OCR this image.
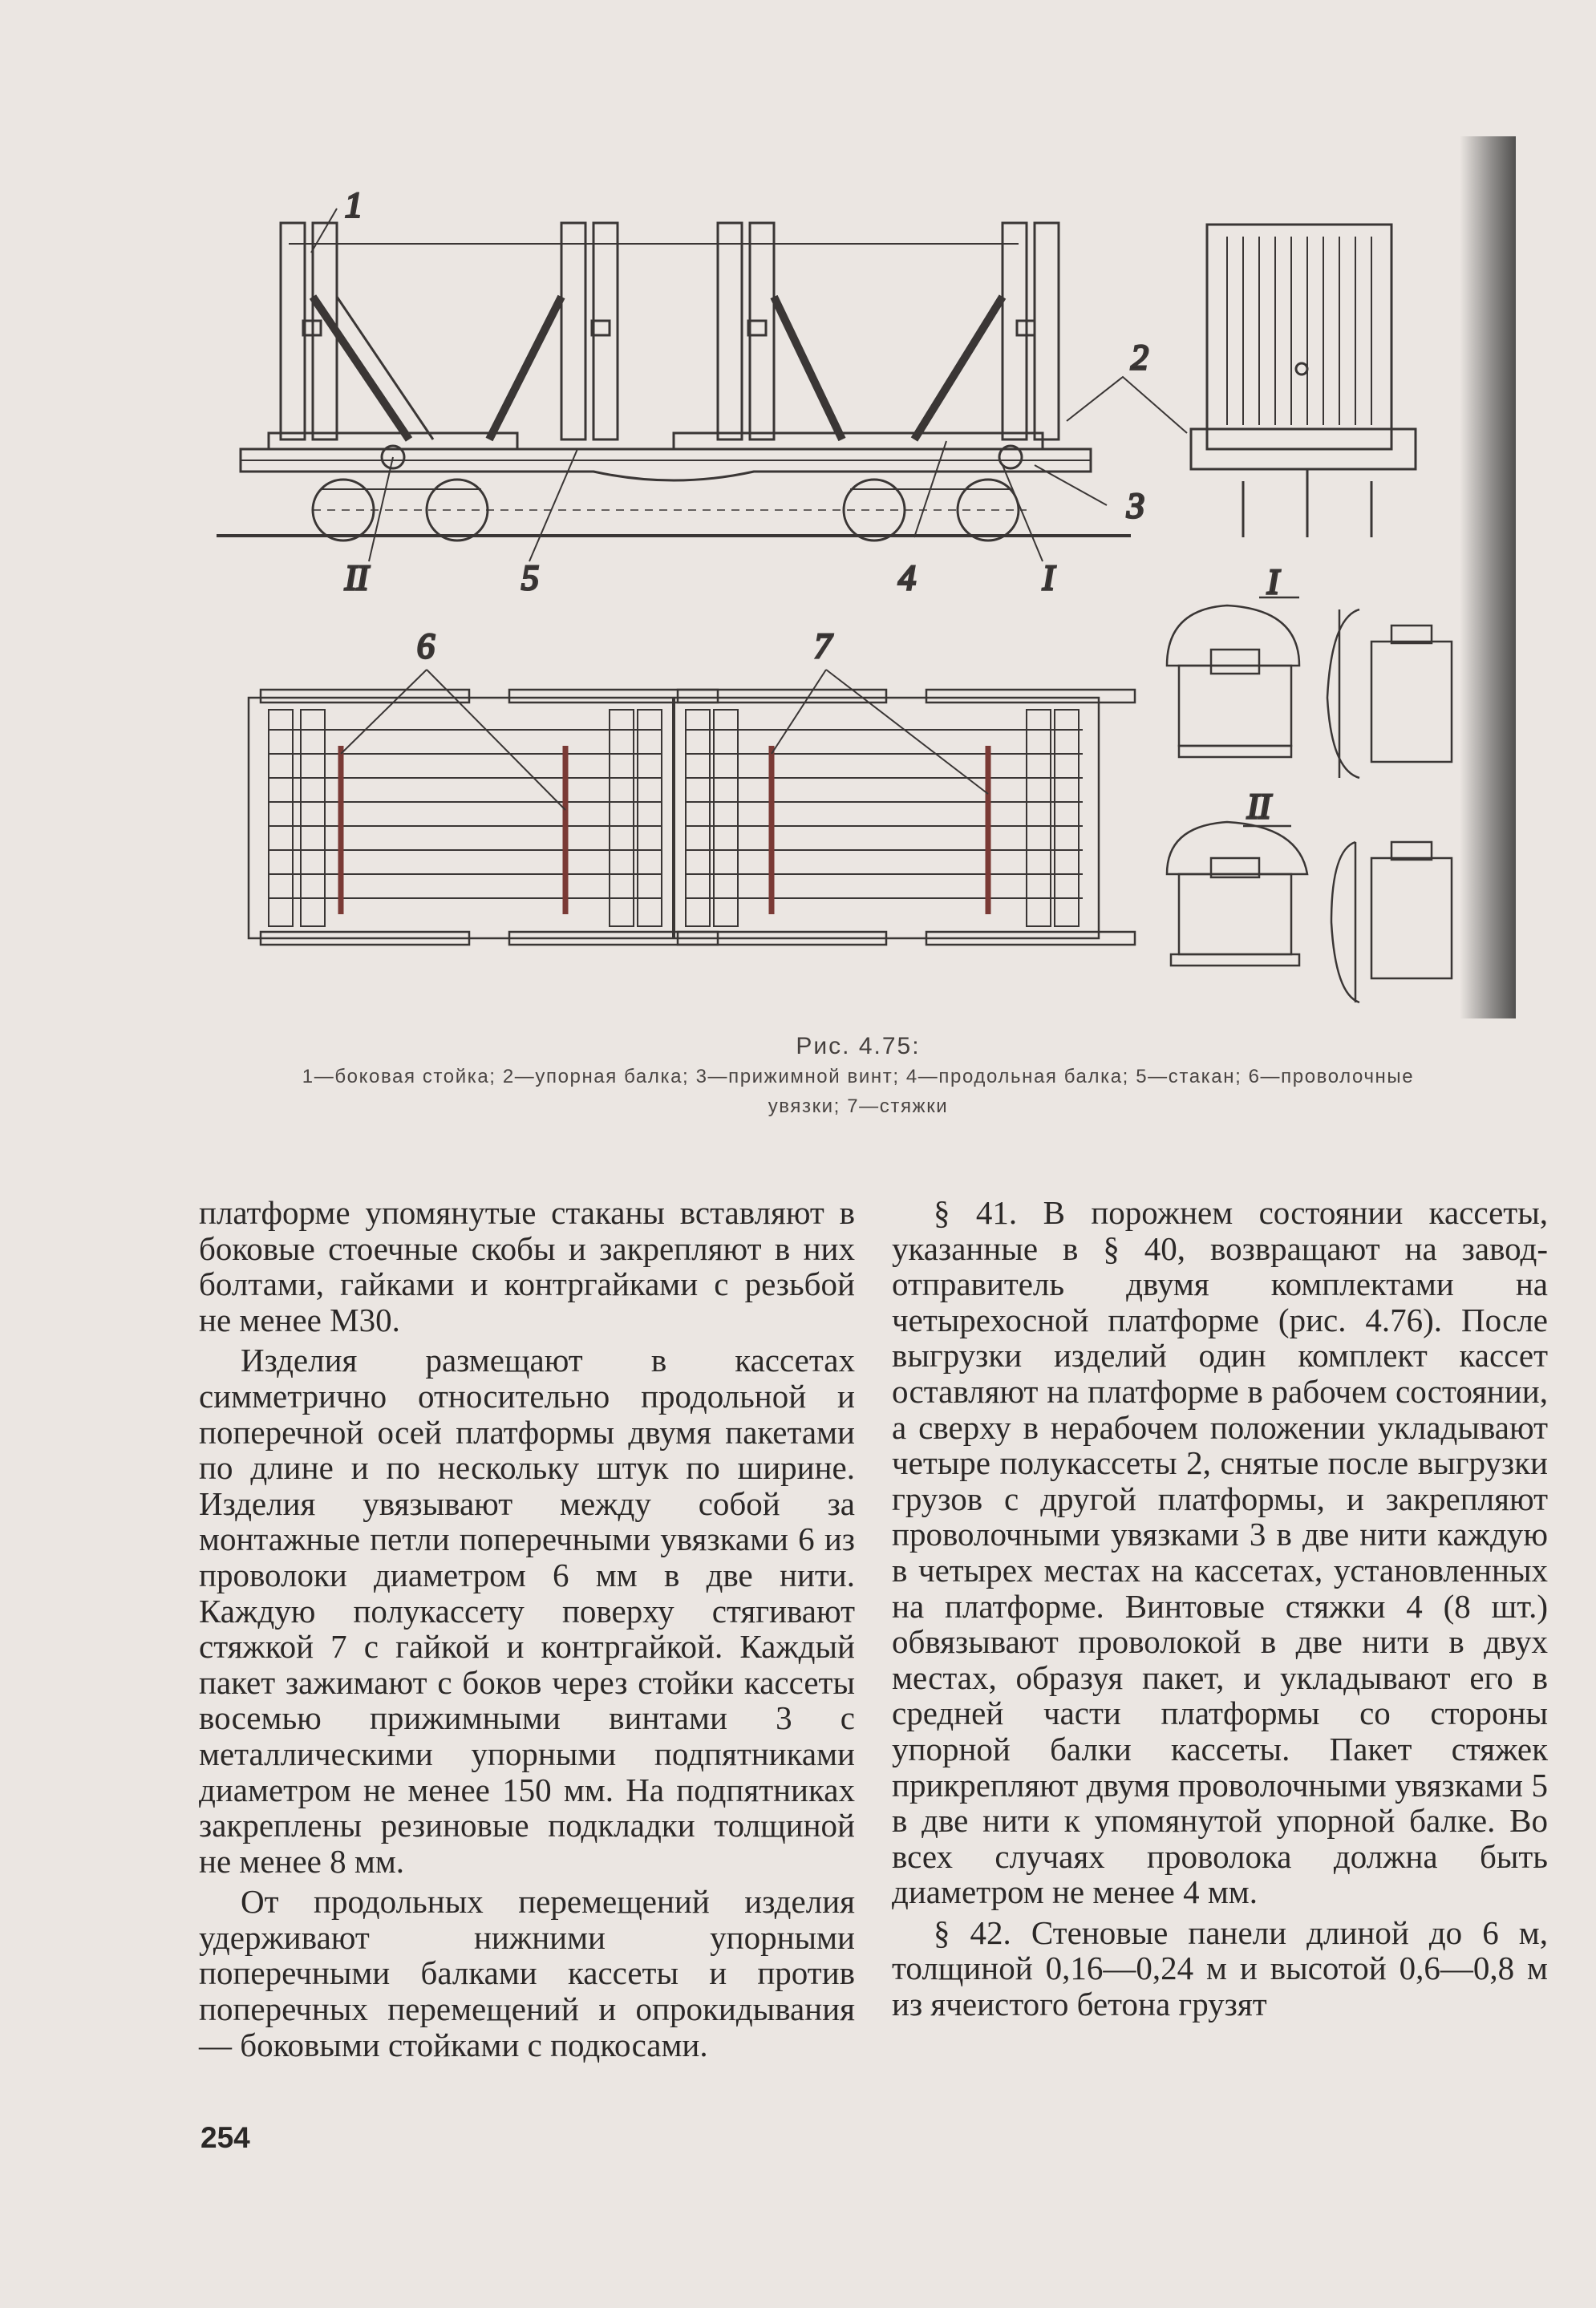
1
2
3
4
5
6	7
I
II	I
II
Рис. 4.75:
1—боковая стойка; 2—упорная балка; 3—прижимной винт; 4—продольная балка; 5—стакан; 6—проволочные
увязки; 7—стяжки

платформе упомянутые стаканы вставляют в боковые стоечные скобы и закрепляют в них болтами, гайками и контргайками с резьбой не менее М30.

Изделия размещают в кассетах симметрично относительно продольной и поперечной осей платформы двумя пакетами по длине и по нескольку штук по ширине. Изделия увязывают между собой за монтажные петли поперечными увязками 6 из проволоки диаметром 6 мм в две нити. Каждую полукассету поверху стягивают стяжкой 7 с гайкой и контргайкой. Каждый пакет зажимают с боков через стойки кассеты восемью прижимными винтами 3 с металлическими упорными подпятниками диаметром не менее 150 мм. На подпятниках закреплены резиновые подкладки толщиной не менее 8 мм.

От продольных перемещений изделия удерживают нижними упорными поперечными балками кассеты и против поперечных перемещений и опрокидывания — боковыми стойками с подкосами.

§ 41. В порожнем состоянии кассеты, указанные в § 40, возвращают на завод-отправитель двумя комплектами на четырехосной платформе (рис. 4.76). После выгрузки изделий один комплект кассет оставляют на платформе в рабочем состоянии, а сверху в нерабочем положении укладывают четыре полукассеты 2, снятые после выгрузки грузов с другой платформы, и закрепляют проволочными увязками 3 в две нити каждую в четырех местах на кассетах, установленных на платформе. Винтовые стяжки 4 (8 шт.) обвязывают проволокой в две нити в двух местах, образуя пакет, и укладывают его в средней части платформы со стороны упорной балки кассеты. Пакет стяжек прикрепляют двумя проволочными увязками 5 в две нити к упомянутой упорной балке. Во всех случаях проволока должна быть диаметром не менее 4 мм.

§ 42. Стеновые панели длиной до 6 м, толщиной 0,16—0,24 м и высотой 0,6—0,8 м из ячеистого бетона грузят

254
